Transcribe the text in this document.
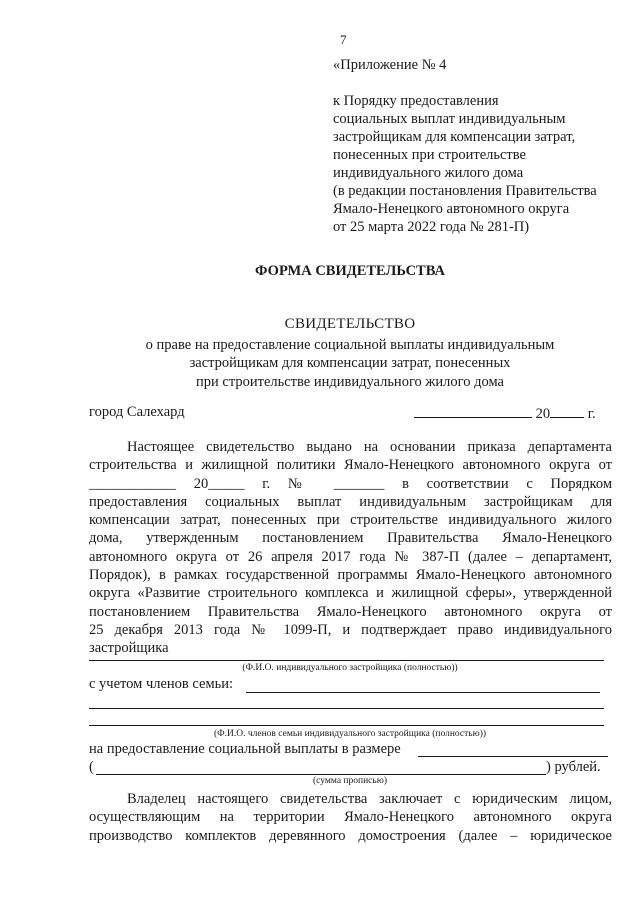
7
«Приложение № 4
к Порядку предоставления
социальных выплат индивидуальным
застройщикам для компенсации затрат,
понесенных при строительстве
индивидуального жилого дома
(в редакции постановления Правительства
Ямало-Ненецкого автономного округа
от 25 марта 2022 года № 281-П)
ФОРМА СВИДЕТЕЛЬСТВА
СВИДЕТЕЛЬСТВО
о праве на предоставление социальной выплаты индивидуальным
застройщикам для компенсации затрат, понесенных
при строительстве индивидуального жилого дома
город Салехард	20	г.
Настоящее свидетельство выдано на основании приказа департамента
строительства и жилищной политики Ямало-Ненецкого автономного округа от
____________ 20_____ г. № _______ в соответствии с Порядком
предоставления социальных выплат индивидуальным застройщикам для
компенсации затрат, понесенных при строительстве индивидуального жилого
дома, утвержденным постановлением Правительства Ямало-Ненецкого
автономного округа от 26 апреля 2017 года № 387-П (далее – департамент,
Порядок), в рамках государственной программы Ямало-Ненецкого автономного
округа «Развитие строительного комплекса и жилищной сферы», утвержденной
постановлением Правительства Ямало-Ненецкого автономного округа от
25 декабря 2013 года № 1099-П, и подтверждает право индивидуального
застройщика
(Ф.И.О. индивидуального застройщика (полностью))
с учетом членов семьи:
(Ф.И.О. членов семьи индивидуального застройщика (полностью))
на предоставление социальной выплаты в размере
(	) рублей.
(сумма прописью)
Владелец настоящего свидетельства заключает с юридическим лицом,
осуществляющим на территории Ямало-Ненецкого автономного округа
производство комплектов деревянного домостроения (далее – юридическое
